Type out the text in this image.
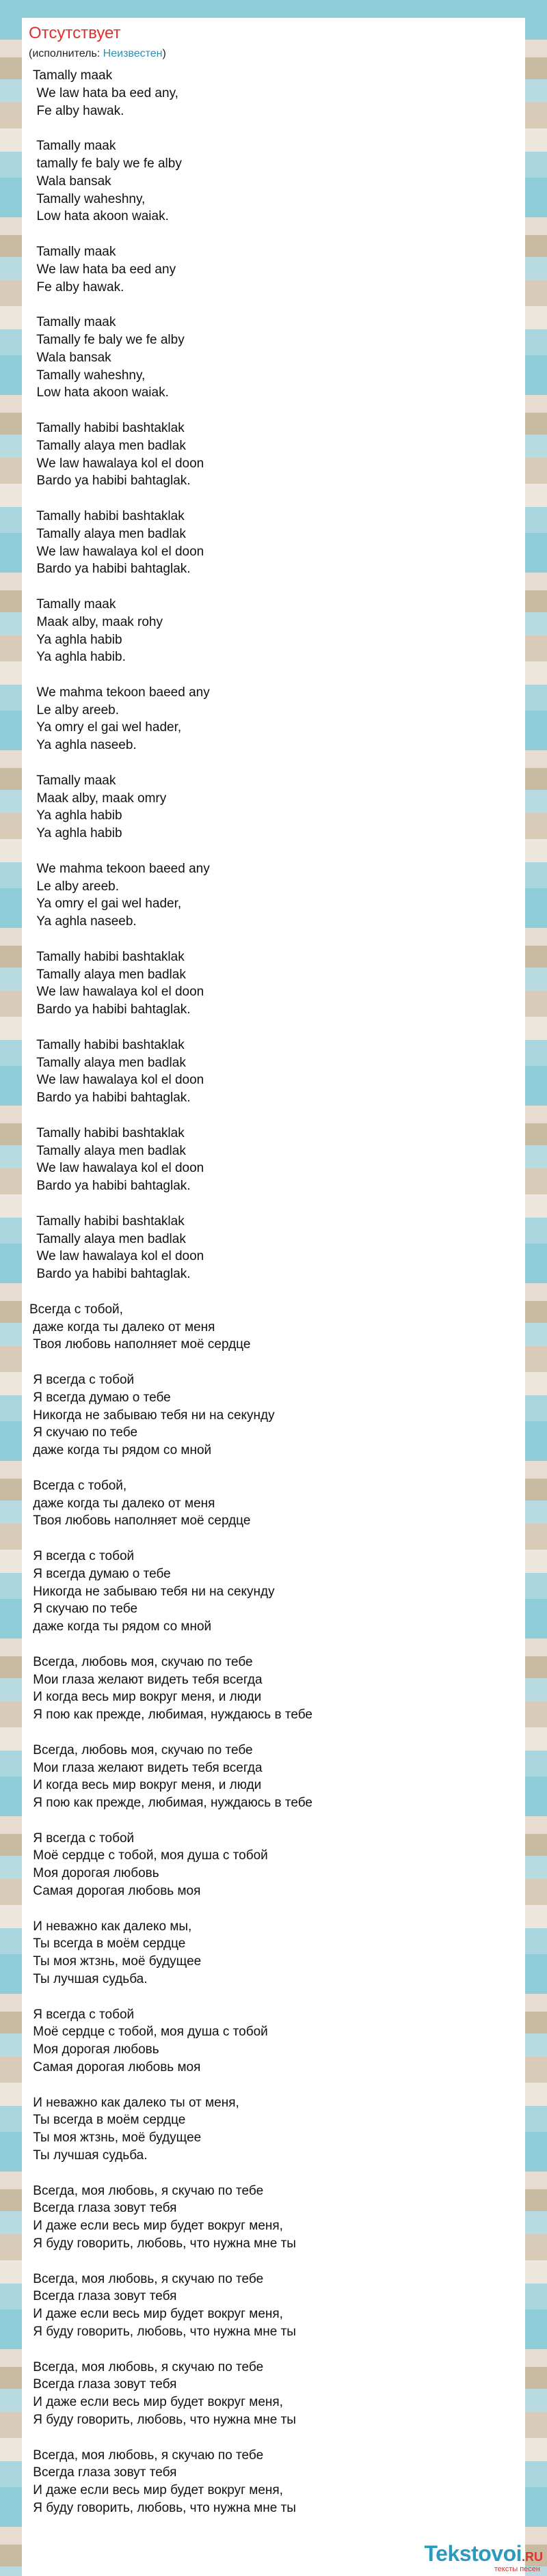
Отсутствует
(исполнитель: Неизвестен)
Tamally maak
We law hata ba eed any,
Fe alby hawak.
Tamally maak
tamally fe baly we fe alby
Wala bansak
Tamally waheshny,
Low hata akoon waiak.
Tamally maak
We law hata ba eed any
Fe alby hawak.
Tamally maak
Tamally fe baly we fe alby
Wala bansak
Tamally waheshny,
Low hata akoon waiak.
Tamally habibi bashtaklak
Tamally alaya men badlak
We law hawalaya kol el doon
Bardo ya habibi bahtaglak.
Tamally habibi bashtaklak
Tamally alaya men badlak
We law hawalaya kol el doon
Bardo ya habibi bahtaglak.
Tamally maak
Maak alby, maak rohy
Ya aghla habib
Ya aghla habib.
We mahma tekoon baeed any
Le alby areeb.
Ya omry el gai wel hader,
Ya aghla naseeb.
Tamally maak
Maak alby, maak omry
Ya aghla habib
Ya aghla habib
We mahma tekoon baeed any
Le alby areeb.
Ya omry el gai wel hader,
Ya aghla naseeb.
Tamally habibi bashtaklak
Tamally alaya men badlak
We law hawalaya kol el doon
Bardo ya habibi bahtaglak.
Tamally habibi bashtaklak
Tamally alaya men badlak
We law hawalaya kol el doon
Bardo ya habibi bahtaglak.
Tamally habibi bashtaklak
Tamally alaya men badlak
We law hawalaya kol el doon
Bardo ya habibi bahtaglak.
Tamally habibi bashtaklak
Tamally alaya men badlak
We law hawalaya kol el doon
Bardo ya habibi bahtaglak.
Всегда с тобой,
даже когда ты далеко от меня
Твоя любовь наполняет моё сердце
Я всегда с тобой
Я всегда думаю о тебе
Никогда не забываю тебя ни на секунду
Я скучаю по тебе
даже когда ты рядом со мной
Всегда с тобой,
даже когда ты далеко от меня
Твоя любовь наполняет моё сердце
Я всегда с тобой
Я всегда думаю о тебе
Никогда не забываю тебя ни на секунду
Я скучаю по тебе
даже когда ты рядом со мной
Всегда, любовь моя, скучаю по тебе
Мои глаза желают видеть тебя всегда
И когда весь мир вокруг меня, и люди
Я пою как прежде, любимая, нуждаюсь в тебе
Всегда, любовь моя, скучаю по тебе
Мои глаза желают видеть тебя всегда
И когда весь мир вокруг меня, и люди
Я пою как прежде, любимая, нуждаюсь в тебе
Я всегда с тобой
Моё сердце с тобой, моя душа с тобой
Моя дорогая любовь
Самая дорогая любовь моя
И неважно как далеко мы,
Ты всегда в моём сердце
Ты моя жтзнь, моё будущее
Ты лучшая судьба.
Я всегда с тобой
Моё сердце с тобой, моя душа с тобой
Моя дорогая любовь
Самая дорогая любовь моя
И неважно как далеко ты от меня,
Ты всегда в моём сердце
Ты моя жтзнь, моё будущее
Ты лучшая судьба.
Всегда, моя любовь, я скучаю по тебе
Всегда глаза зовут тебя
И даже если весь мир будет вокруг меня,
Я буду говорить, любовь, что нужна мне ты
Всегда, моя любовь, я скучаю по тебе
Всегда глаза зовут тебя
И даже если весь мир будет вокруг меня,
Я буду говорить, любовь, что нужна мне ты
Всегда, моя любовь, я скучаю по тебе
Всегда глаза зовут тебя
И даже если весь мир будет вокруг меня,
Я буду говорить, любовь, что нужна мне ты
Всегда, моя любовь, я скучаю по тебе
Всегда глаза зовут тебя
И даже если весь мир будет вокруг меня,
Я буду говорить, любовь, что нужна мне ты
Tekstovoi.RU
тексты песен
